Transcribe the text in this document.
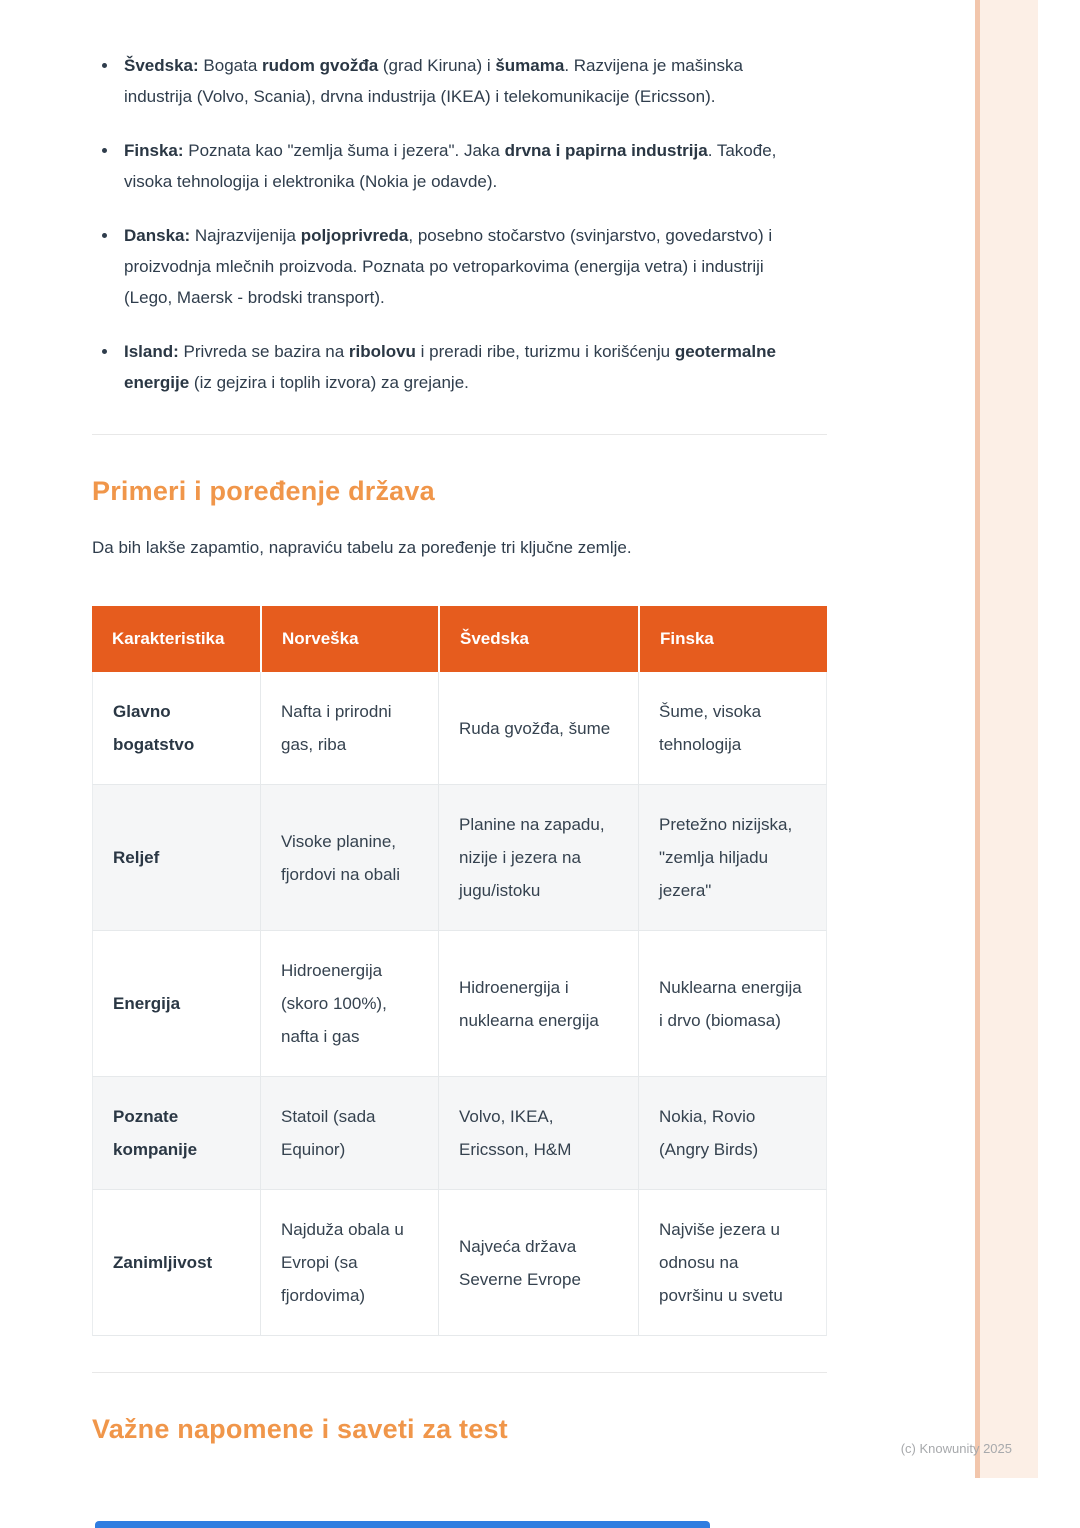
Švedska: Bogata rudom gvožđa (grad Kiruna) i šumama. Razvijena je mašinska industrija (Volvo, Scania), drvna industrija (IKEA) i telekomunikacije (Ericsson).
Finska: Poznata kao "zemlja šuma i jezera". Jaka drvna i papirna industrija. Takođe, visoka tehnologija i elektronika (Nokia je odavde).
Danska: Najrazvijenija poljoprivreda, posebno stočarstvo (svinjarstvo, govedarstvo) i proizvodnja mlečnih proizvoda. Poznata po vetroparkovima (energija vetra) i industriji (Lego, Maersk - brodski transport).
Island: Privreda se bazira na ribolovu i preradi ribe, turizmu i korišćenju geotermalne energije (iz gejzira i toplih izvora) za grejanje.
Primeri i poređenje država

Da bih lakše zapamtio, napraviću tabelu za poređenje tri ključne zemlje.

Karakteristika	Norveška	Švedska	Finska
Glavno bogatstvo	Nafta i prirodni gas, riba	Ruda gvožđa, šume	Šume, visoka tehnologija
Reljef	Visoke planine, fjordovi na obali	Planine na zapadu, nizije i jezera na jugu/istoku	Pretežno nizijska, "zemlja hiljadu jezera"
Energija	Hidroenergija (skoro 100%), nafta i gas	Hidroenergija i nuklearna energija	Nuklearna energija i drvo (biomasa)
Poznate kompanije	Statoil (sada Equinor)	Volvo, IKEA, Ericsson, H&M	Nokia, Rovio (Angry Birds)
Zanimljivost	Najduža obala u Evropi (sa fjordovima)	Najveća država Severne Evrope	Najviše jezera u odnosu na površinu u svetu
Važne napomene i saveti za test
(c) Knowunity 2025
